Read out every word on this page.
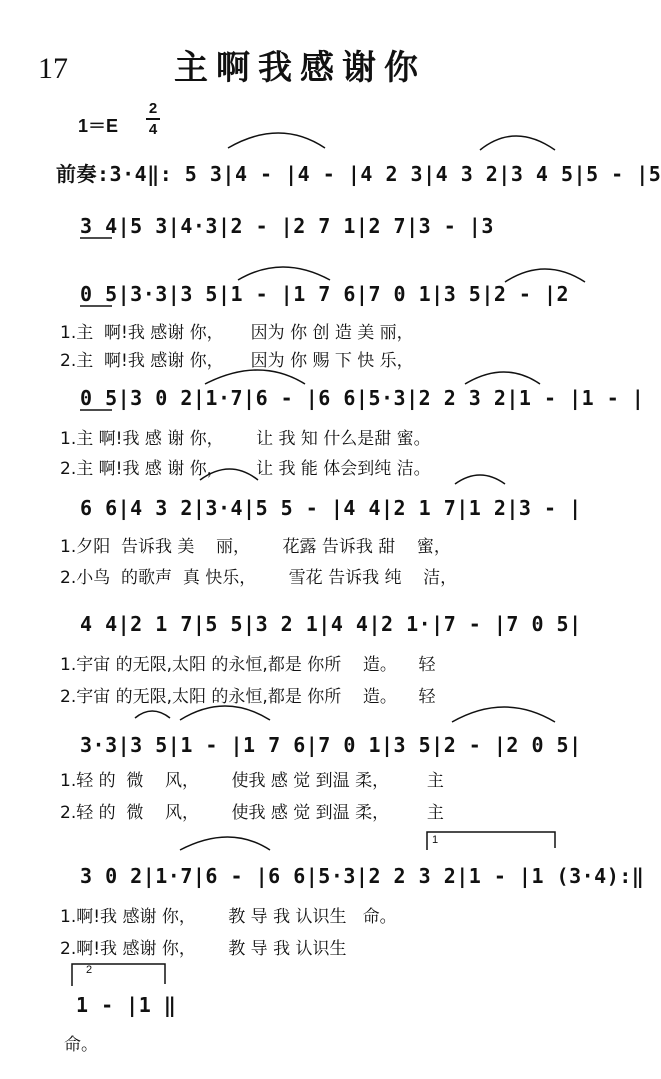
17	主啊我感谢你
1＝E
2
4
前奏:3·4‖: 5 3|4 - |4 - |4 2 3|4 3 2|3 4 5|5 - |5
3 4|5 3|4·3|2 - |2 7 1|2 7|3 - |3
0 5|3·3|3 5|1 - |1 7 6|7 0 1|3 5|2 - |2
1.主  啊!我 感谢 你，     因为 你 创 造 美 丽，
2.主  啊!我 感谢 你，     因为 你 赐 下 快 乐，
0 5|3 0 2|1·7|6 - |6 6|5·3|2 2 3 2|1 - |1 - |
1.主 啊!我 感 谢 你，      让 我 知 什么是甜 蜜。
2.主 啊!我 感 谢 你，      让 我 能 体会到纯 洁。
6 6|4 3 2|3·4|5 5 - |4 4|2 1 7|1 2|3 - |
1.夕阳  告诉我 美    丽，      花露 告诉我 甜    蜜，
2.小鸟  的歌声  真 快乐，      雪花 告诉我 纯    洁，
4 4|2 1 7|5 5|3 2 1|4 4|2 1·|7 - |7 0 5|
1.宇宙 的无限,太阳 的永恒,都是 你所    造。    轻
2.宇宙 的无限,太阳 的永恒,都是 你所    造。    轻
3·3|3 5|1 - |1 7 6|7 0 1|3 5|2 - |2 0 5|
1.轻 的  微    风，      使我 感 觉 到温 柔，       主
2.轻 的  微    风，      使我 感 觉 到温 柔，       主
3 0 2|1·7|6 - |6 6|5·3|2 2 3 2|1 - |1 (3·4):‖
1.啊!我 感谢 你，      教 导 我 认识生   命。
2.啊!我 感谢 你，      教 导 我 认识生
1 - |1 ‖
命。
1
2
